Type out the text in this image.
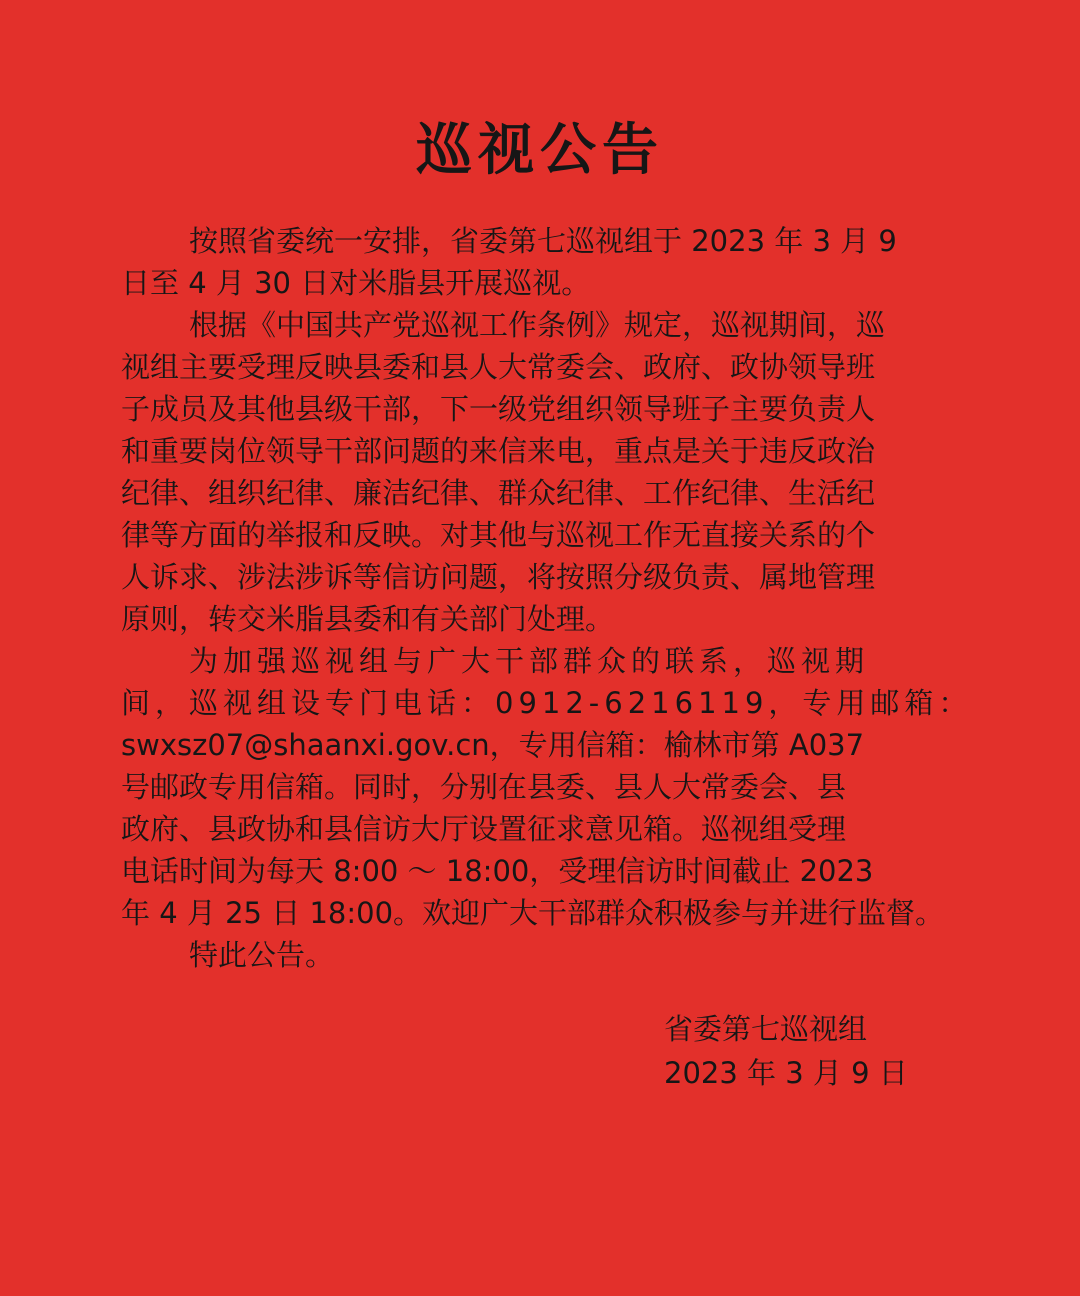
巡视公告

按照省委统一安排，省委第七巡视组于 2023 年 3 月 9

日至 4 月 30 日对米脂县开展巡视。

根据《中国共产党巡视工作条例》规定，巡视期间，巡

视组主要受理反映县委和县人大常委会、政府、政协领导班

子成员及其他县级干部，下一级党组织领导班子主要负责人

和重要岗位领导干部问题的来信来电，重点是关于违反政治

纪律、组织纪律、廉洁纪律、群众纪律、工作纪律、生活纪

律等方面的举报和反映。对其他与巡视工作无直接关系的个

人诉求、涉法涉诉等信访问题，将按照分级负责、属地管理

原则，转交米脂县委和有关部门处理。

为加强巡视组与广大干部群众的联系，巡视期

间，巡视组设专门电话：0912-6216119，专用邮箱：

swxsz07@shaanxi.gov.cn，专用信箱：榆林市第 A037

号邮政专用信箱。同时，分别在县委、县人大常委会、县

政府、县政协和县信访大厅设置征求意见箱。巡视组受理

电话时间为每天 8:00 ～ 18:00，受理信访时间截止 2023

年 4 月 25 日 18:00。欢迎广大干部群众积极参与并进行监督。

特此公告。

省委第七巡视组

2023 年 3 月 9 日
